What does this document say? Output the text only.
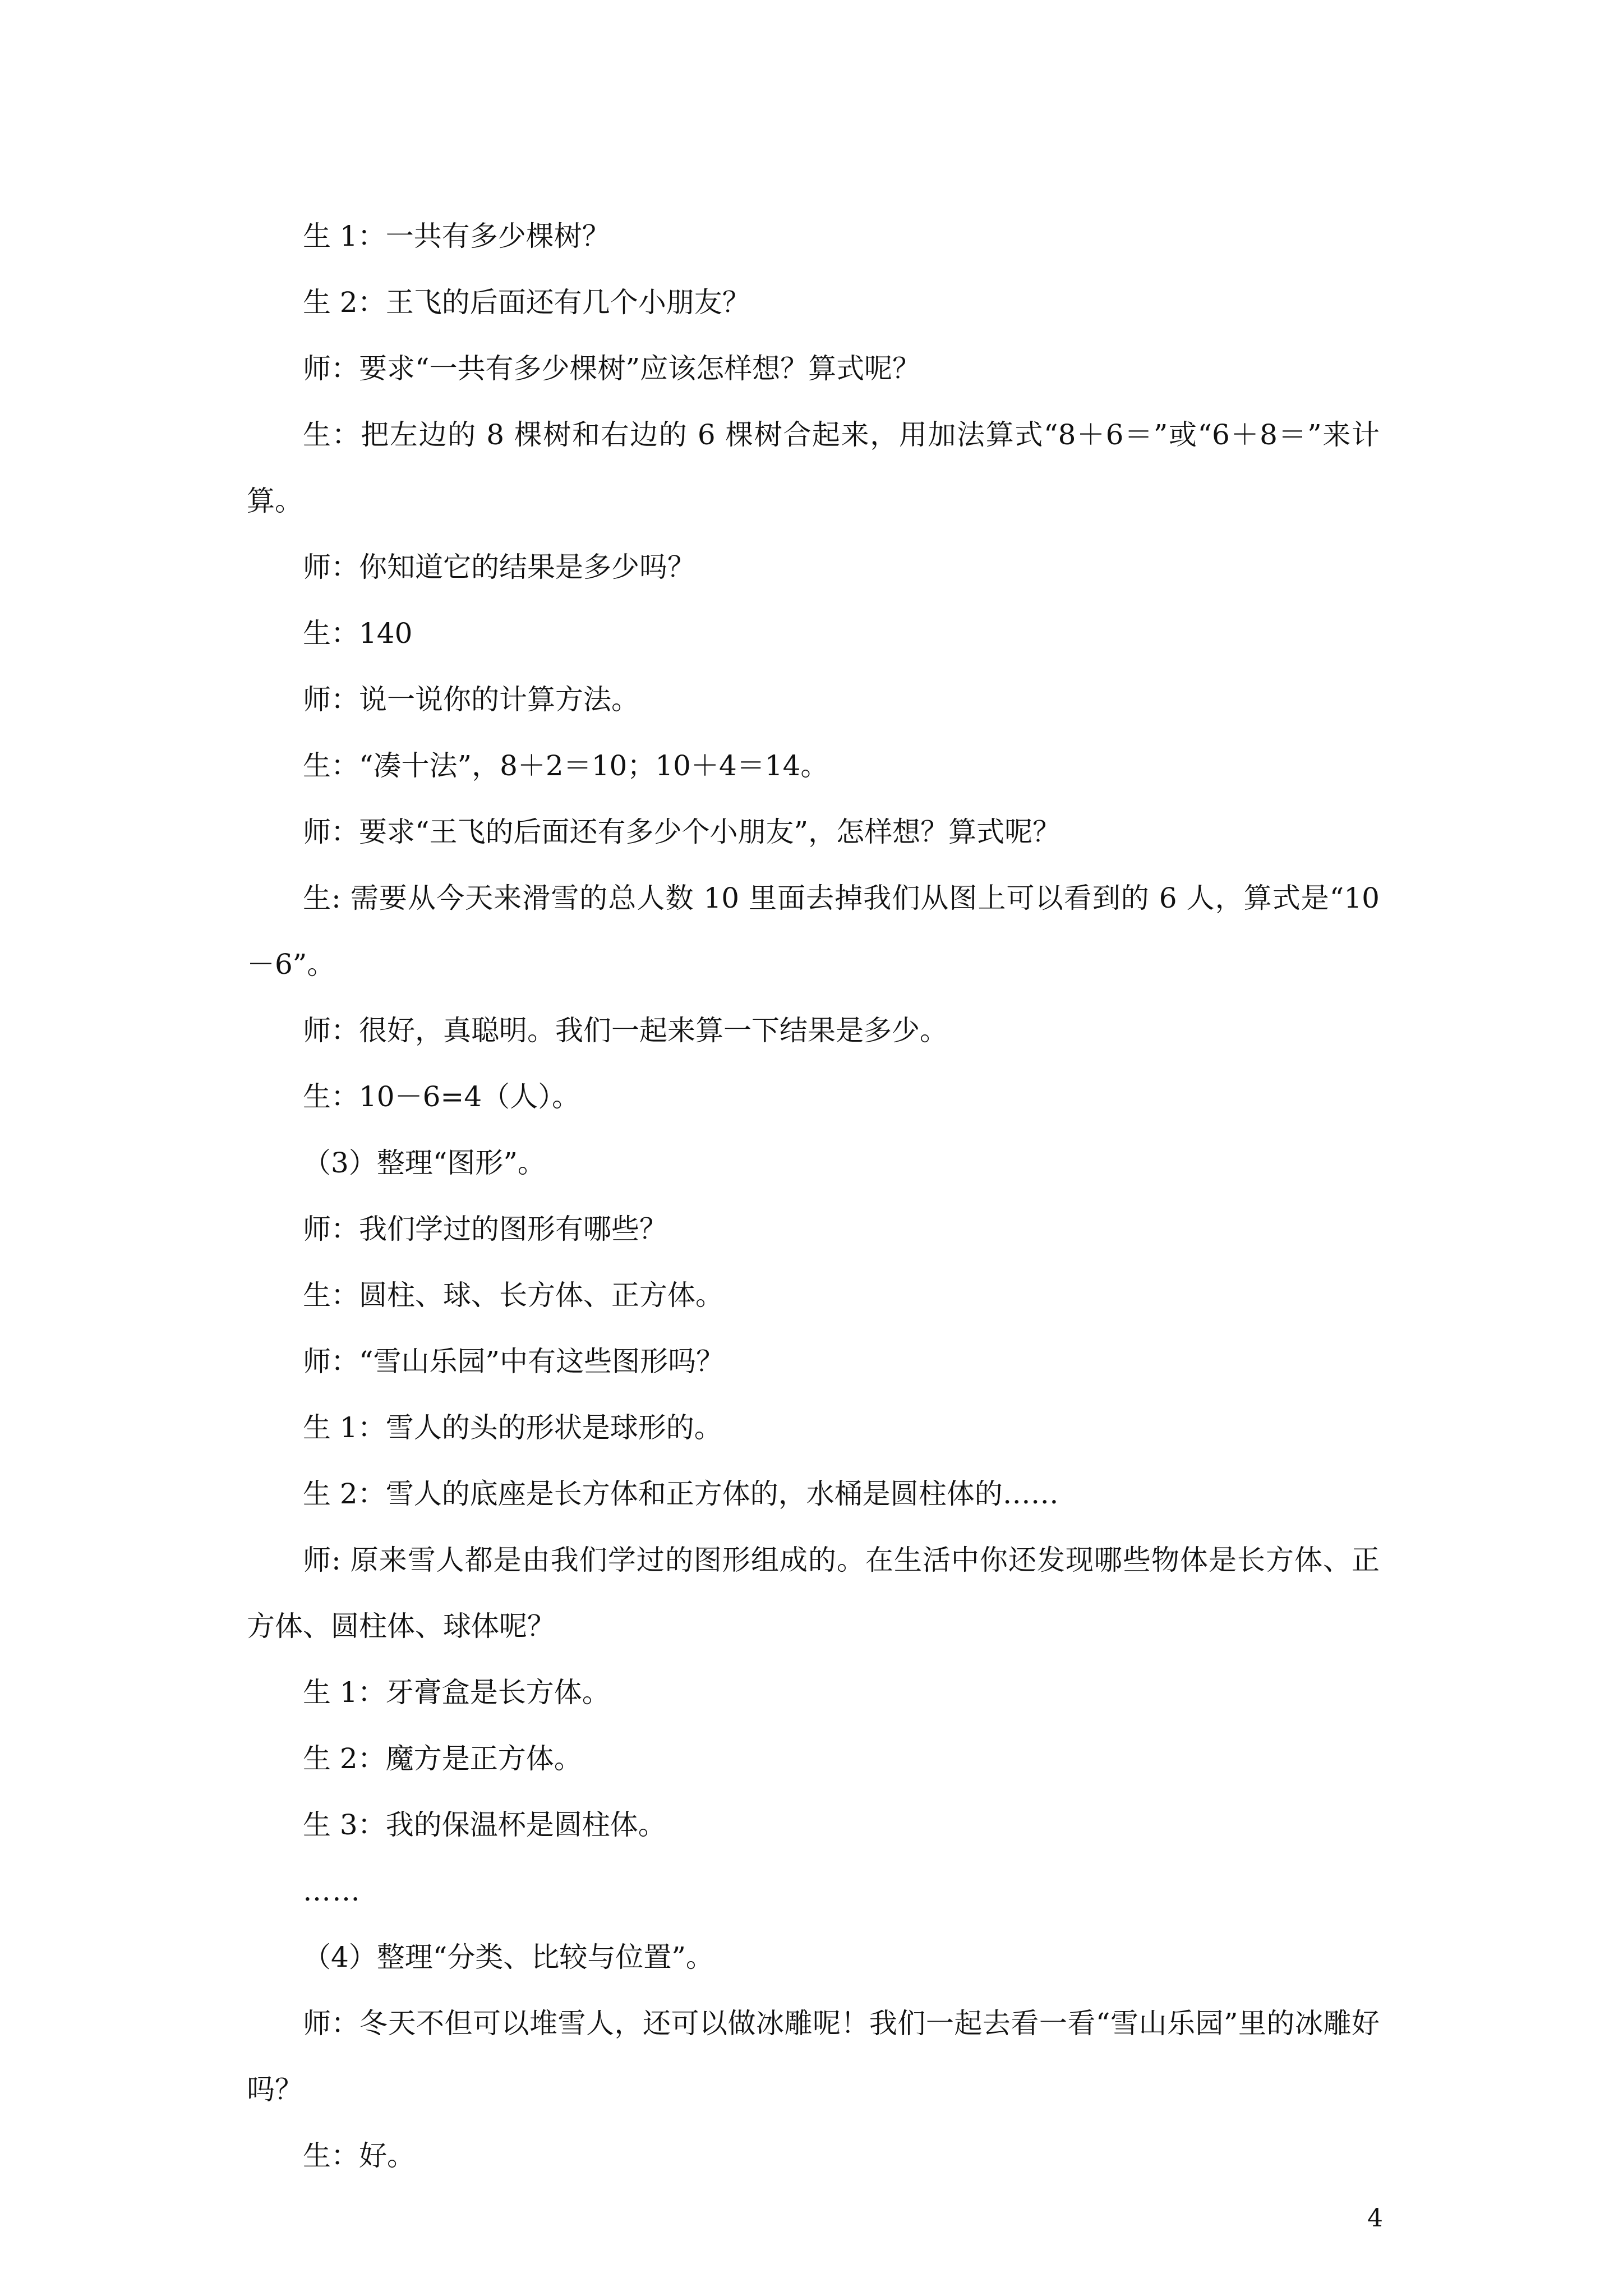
生 1：一共有多少棵树？

生 2：王飞的后面还有几个小朋友？

师：要求“一共有多少棵树”应该怎样想？算式呢？

生：把左边的 8 棵树和右边的 6 棵树合起来，用加法算式“8＋6＝”或“6＋8＝”来计算。

师：你知道它的结果是多少吗？

生：140

师：说一说你的计算方法。

生：“凑十法”，8＋2＝10；10＋4＝14。

师：要求“王飞的后面还有多少个小朋友”，怎样想？算式呢？

生: 需要从今天来滑雪的总人数 10 里面去掉我们从图上可以看到的 6 人，算式是“10－6”。

师：很好，真聪明。我们一起来算一下结果是多少。

生：10－6=4（人）。

（3）整理“图形”。

师：我们学过的图形有哪些？

生：圆柱、球、长方体、正方体。

师：“雪山乐园”中有这些图形吗？

生 1：雪人的头的形状是球形的。

生 2：雪人的底座是长方体和正方体的，水桶是圆柱体的……

师: 原来雪人都是由我们学过的图形组成的。在生活中你还发现哪些物体是长方体、正方体、圆柱体、球体呢？

生 1：牙膏盒是长方体。

生 2：魔方是正方体。

生 3：我的保温杯是圆柱体。

……

（4）整理“分类、比较与位置”。

师：冬天不但可以堆雪人，还可以做冰雕呢！我们一起去看一看“雪山乐园”里的冰雕好吗？

生：好。

4
